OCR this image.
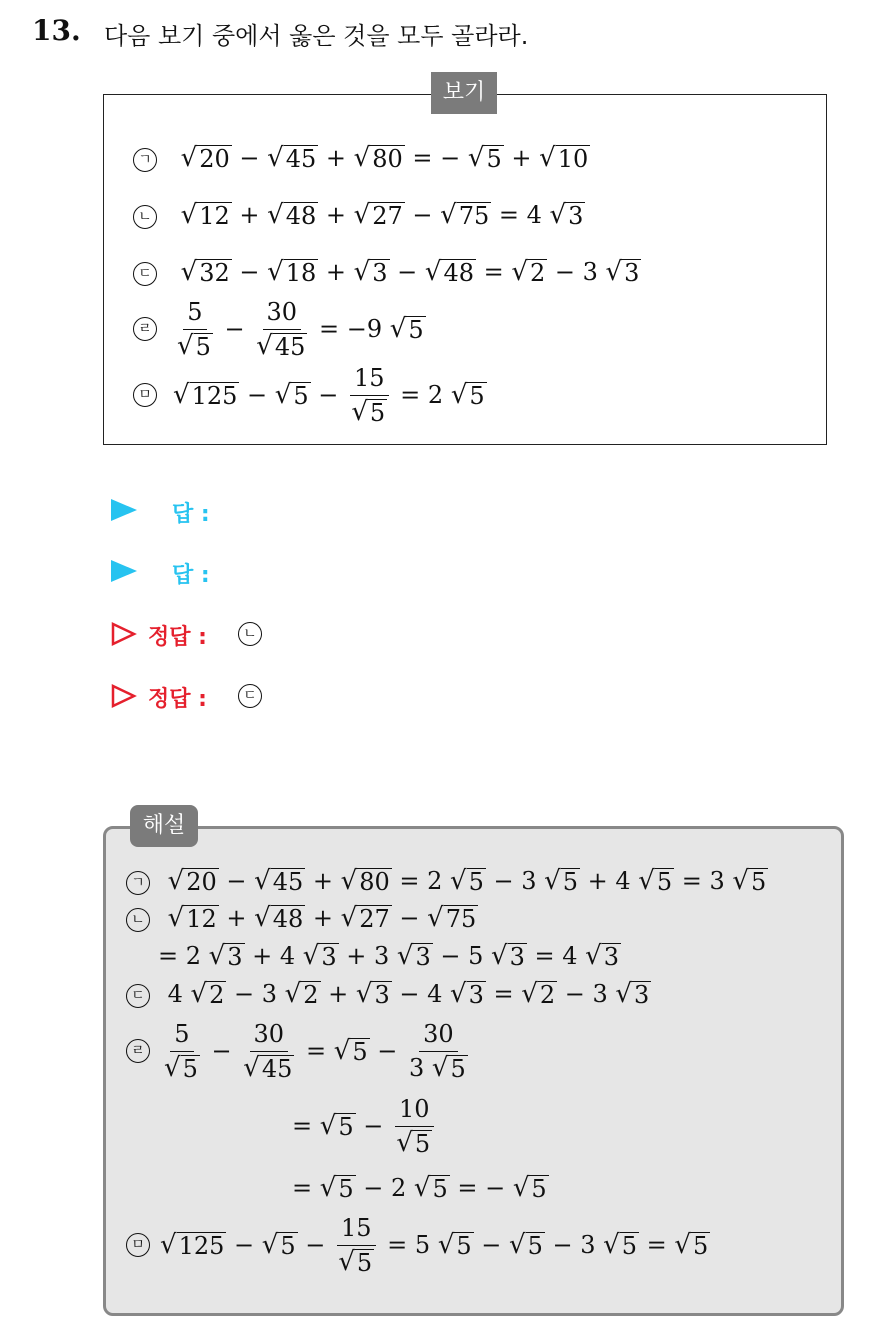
13. 다음 보기 중에서 옳은 것을 모두 골라라.
보기
ㄱ √ 20 − √ 45 + √ 80 = − √ 5 + √ 10
ㄴ √ 12 + √ 48 + √ 27 − √ 75 = 4 √ 3
ㄷ √ 32 − √ 18 + √ 3 − √ 48 = √ 2 − 3 √ 3
ㄹ $\frac{5}{√ 5} - \frac{30}{√ 45} = -9$ √ 5
ㅁ √ 125 − √ $5 - \frac{15}{√ 5} = 2$ √ 5
답 :
답 :
정답 :	ㄴ
정답 :	ㄷ
해설
ㄱ √ 20 − √ 45 + √ 80 = 2 √ 5 − 3 √ 5 + 4 √ 5 = 3 √ 5
ㄴ √ 12 + √ 48 + √ 27 − √ 75
= 2 √ 3 + 4 √ 3 + 3 √ 3 − 5 √ 3 = 4 √ 3
ㄷ 4 √ 2 − 3 √ 2 + √ 3 − 4 √ 3 = √ 2 − 3 √ 3
ㄹ $\frac{5}{√ 5} - \frac{30}{√ 45}$ = √ $5 - \frac{30}{3 √ 5}$
= √ $5 - \frac{10}{√ 5}$
= √ 5 − 2 √ 5 = − √ 5
ㅁ √ 125 − √ $5 - \frac{15}{√ 5} = 5$ √ 5 − √ 5 − 3 √ 5 = √ 5
